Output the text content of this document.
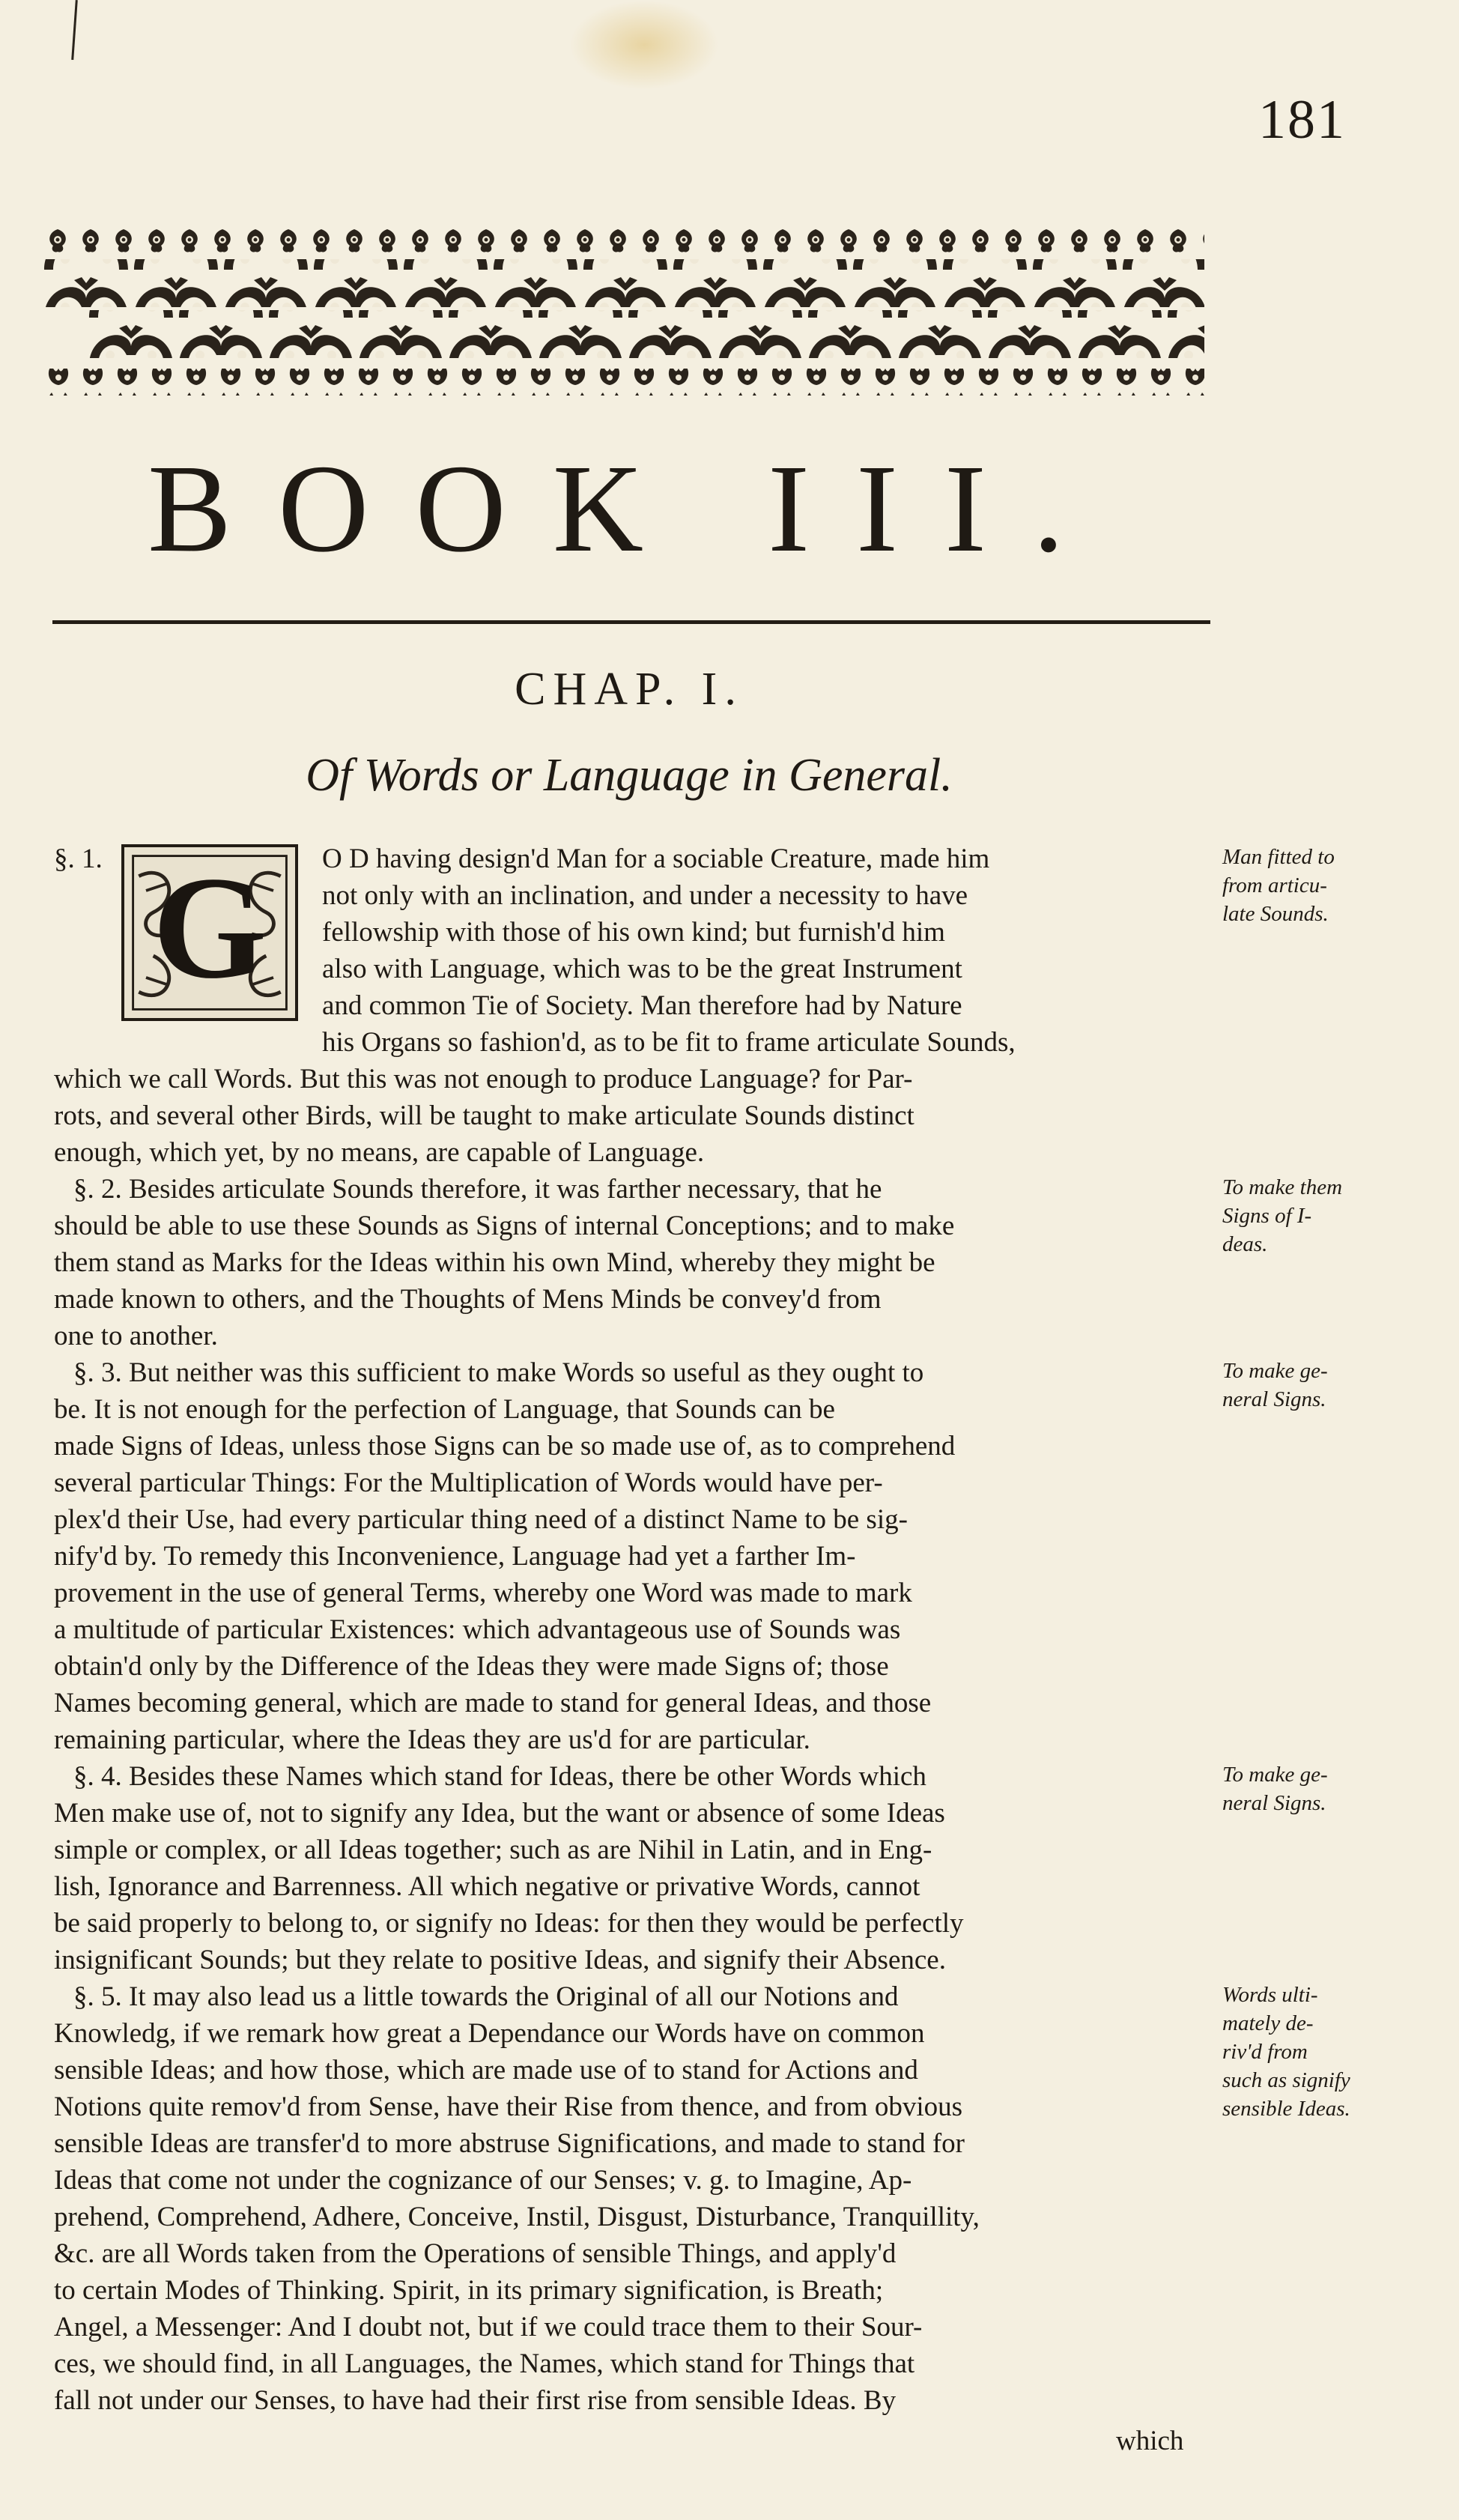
181
BOOK III.
CHAP. I.
Of Words or Language in General.
G
§. 1.	O D having design'd Man for a sociable Creature, made him
not only with an inclination, and under a necessity to have
fellowship with those of his own kind; but furnish'd him
also with Language, which was to be the great Instrument
and common Tie of Society. Man therefore had by Nature
his Organs so fashion'd, as to be fit to frame articulate Sounds,
which we call Words. But this was not enough to produce Language? for Par-
rots, and several other Birds, will be taught to make articulate Sounds distinct
enough, which yet, by no means, are capable of Language.
§. 2. Besides articulate Sounds therefore, it was farther necessary, that he
should be able to use these Sounds as Signs of internal Conceptions; and to make
them stand as Marks for the Ideas within his own Mind, whereby they might be
made known to others, and the Thoughts of Mens Minds be convey'd from
one to another.
§. 3. But neither was this sufficient to make Words so useful as they ought to
be. It is not enough for the perfection of Language, that Sounds can be
made Signs of Ideas, unless those Signs can be so made use of, as to comprehend
several particular Things: For the Multiplication of Words would have per-
plex'd their Use, had every particular thing need of a distinct Name to be sig-
nify'd by. To remedy this Inconvenience, Language had yet a farther Im-
provement in the use of general Terms, whereby one Word was made to mark
a multitude of particular Existences: which advantageous use of Sounds was
obtain'd only by the Difference of the Ideas they were made Signs of; those
Names becoming general, which are made to stand for general Ideas, and those
remaining particular, where the Ideas they are us'd for are particular.
§. 4. Besides these Names which stand for Ideas, there be other Words which
Men make use of, not to signify any Idea, but the want or absence of some Ideas
simple or complex, or all Ideas together; such as are Nihil in Latin, and in Eng-
lish, Ignorance and Barrenness. All which negative or privative Words, cannot
be said properly to belong to, or signify no Ideas: for then they would be perfectly
insignificant Sounds; but they relate to positive Ideas, and signify their Absence.
§. 5. It may also lead us a little towards the Original of all our Notions and
Knowledg, if we remark how great a Dependance our Words have on common
sensible Ideas; and how those, which are made use of to stand for Actions and
Notions quite remov'd from Sense, have their Rise from thence, and from obvious
sensible Ideas are transfer'd to more abstruse Significations, and made to stand for
Ideas that come not under the cognizance of our Senses; v. g. to Imagine, Ap-
prehend, Comprehend, Adhere, Conceive, Instil, Disgust, Disturbance, Tranquillity,
&c. are all Words taken from the Operations of sensible Things, and apply'd
to certain Modes of Thinking. Spirit, in its primary signification, is Breath;
Angel, a Messenger: And I doubt not, but if we could trace them to their Sour-
ces, we should find, in all Languages, the Names, which stand for Things that
fall not under our Senses, to have had their first rise from sensible Ideas. By
which
Man fitted to
from articu-
late Sounds.
To make them
Signs of I-
deas.
To make ge-
neral Signs.
To make ge-
neral Signs.
Words ulti-
mately de-
riv'd from
such as signify
sensible Ideas.
